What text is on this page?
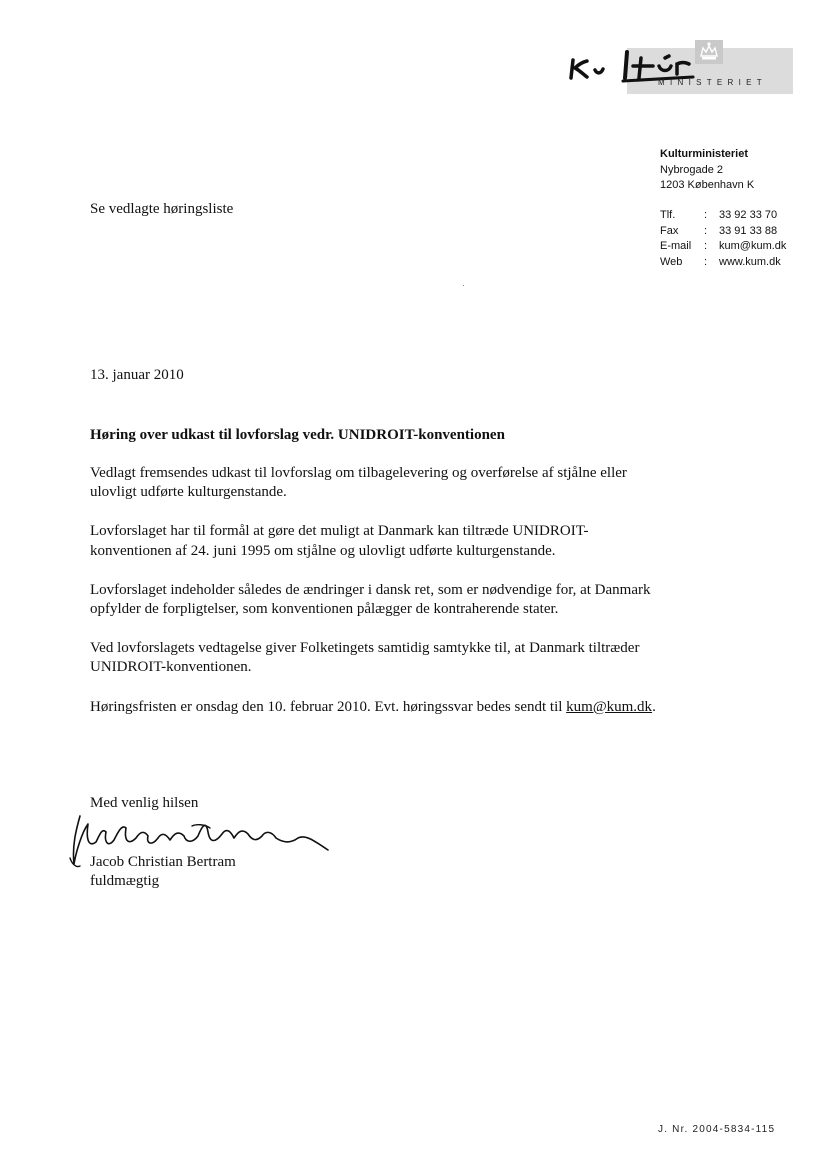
MINISTERIET
Kulturministeriet
Nybrogade 2
1203 København K
Tlf.	:	33 92 33 70
Fax	:	33 91 33 88
E-mail	:	kum@kum.dk
Web	:	www.kum.dk
Se vedlagte høringsliste
13. januar 2010
Høring over udkast til lovforslag vedr. UNIDROIT-konventionen

Vedlagt fremsendes udkast til lovforslag om tilbagelevering og overførelse af stjålne eller ulovligt udførte kulturgenstande.

Lovforslaget har til formål at gøre det muligt at Danmark kan tiltræde UNIDROIT-konventionen af 24. juni 1995 om stjålne og ulovligt udførte kulturgenstande.

Lovforslaget indeholder således de ændringer i dansk ret, som er nødvendige for, at Danmark opfylder de forpligtelser, som konventionen pålægger de kontraherende stater.

Ved lovforslagets vedtagelse giver Folketingets samtidig samtykke til, at Danmark tiltræder UNIDROIT-konventionen.

Høringsfristen er onsdag den 10. februar 2010. Evt. høringssvar bedes sendt til kum@kum.dk.

Med venlig hilsen
Jacob Christian Bertram
fuldmægtig
J. Nr. 2004-5834-115
